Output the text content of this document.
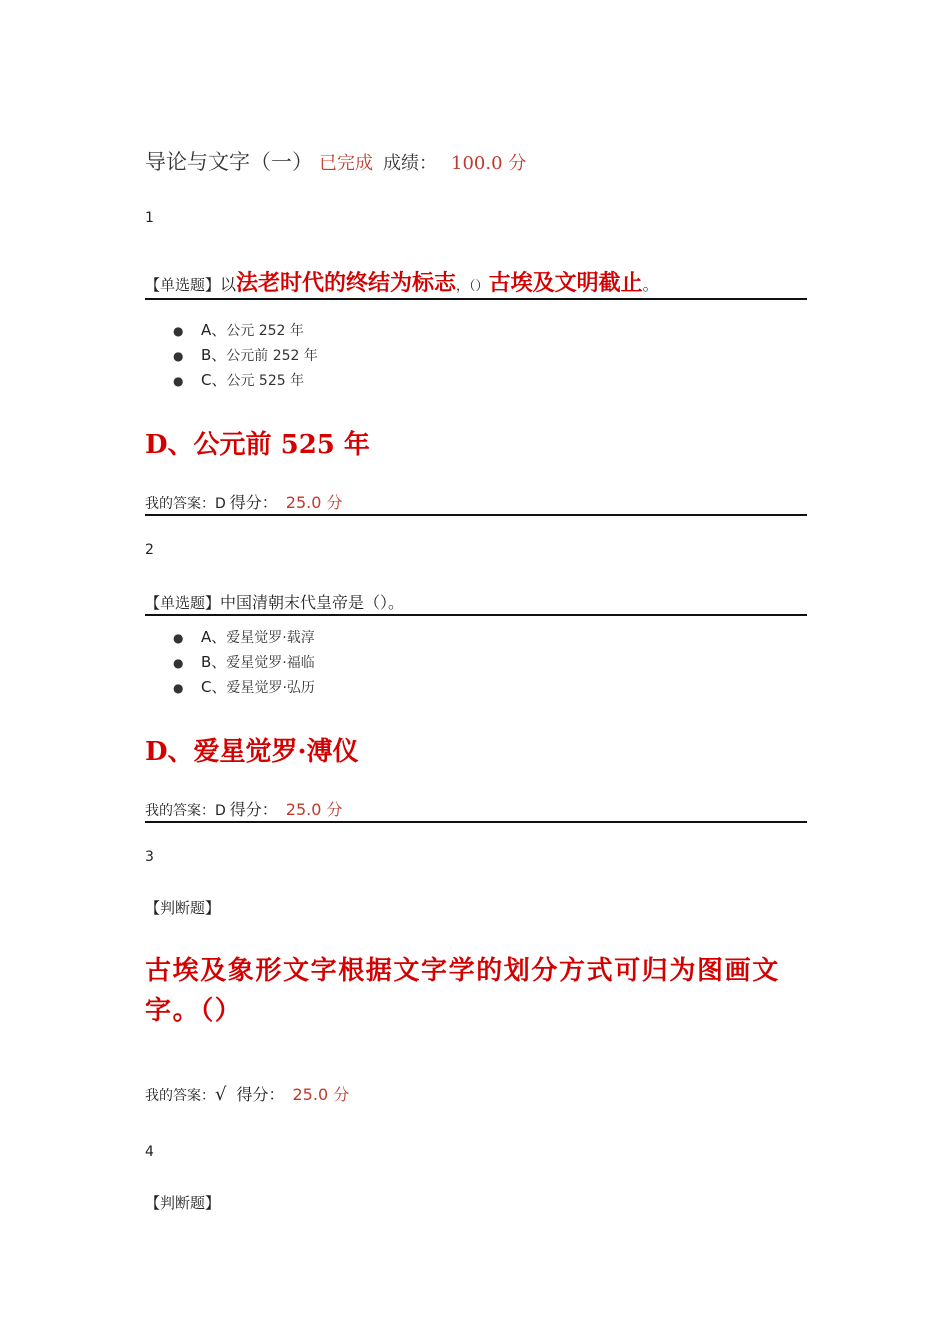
导论与文字（一） 已完成 成绩： 100.0 分
1
【单选题】以法老时代的终结为标志，（）古埃及文明截止。
● A、公元 252 年
● B、公元前 252 年
● C、公元 525 年
D、公元前 525 年
我的答案：D 得分： 25.0 分
2
【单选题】中国清朝末代皇帝是（）。
● A、爱星觉罗·载淳
● B、爱星觉罗·福临
● C、爱星觉罗·弘历
D、爱星觉罗·溥仪
我的答案：D 得分： 25.0 分
3
【判断题】
古埃及象形文字根据文字学的划分方式可归为图画文字。（）
我的答案：√ 得分： 25.0 分
4
【判断题】
